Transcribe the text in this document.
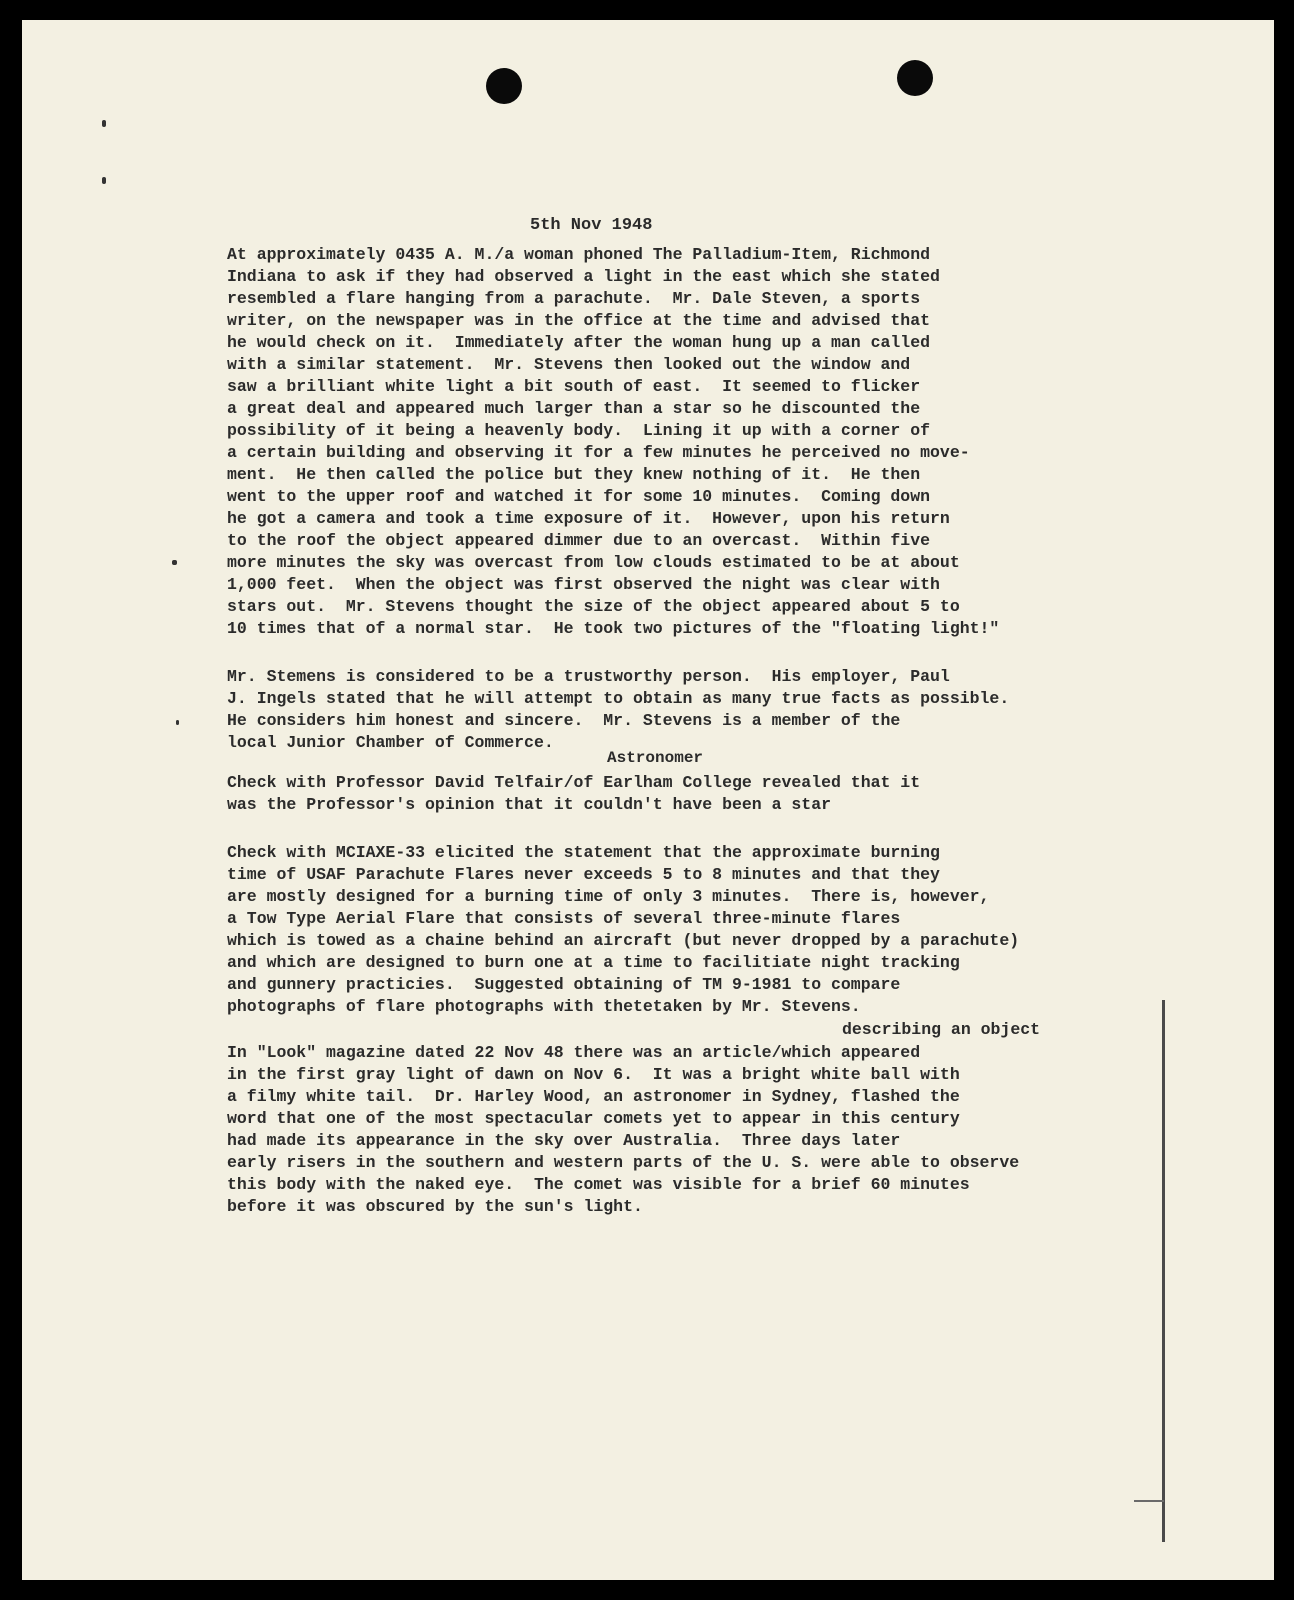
5th Nov 1948
At approximately 0435 A. M./a woman phoned The Palladium-Item, Richmond
Indiana to ask if they had observed a light in the east which she stated
resembled a flare hanging from a parachute.  Mr. Dale Steven, a sports
writer, on the newspaper was in the office at the time and advised that
he would check on it.  Immediately after the woman hung up a man called
with a similar statement.  Mr. Stevens then looked out the window and
saw a brilliant white light a bit south of east.  It seemed to flicker
a great deal and appeared much larger than a star so he discounted the
possibility of it being a heavenly body.  Lining it up with a corner of
a certain building and observing it for a few minutes he perceived no move-
ment.  He then called the police but they knew nothing of it.  He then
went to the upper roof and watched it for some 10 minutes.  Coming down
he got a camera and took a time exposure of it.  However, upon his return
to the roof the object appeared dimmer due to an overcast.  Within five
more minutes the sky was overcast from low clouds estimated to be at about
1,000 feet.  When the object was first observed the night was clear with
stars out.  Mr. Stevens thought the size of the object appeared about 5 to
10 times that of a normal star.  He took two pictures of the "floating light!"
Mr. Stemens is considered to be a trustworthy person.  His employer, Paul
J. Ingels stated that he will attempt to obtain as many true facts as possible.
He considers him honest and sincere.  Mr. Stevens is a member of the
local Junior Chamber of Commerce.
Astronomer
Check with Professor David Telfair/of Earlham College revealed that it
was the Professor's opinion that it couldn't have been a star
Check with MCIAXE-33 elicited the statement that the approximate burning
time of USAF Parachute Flares never exceeds 5 to 8 minutes and that they
are mostly designed for a burning time of only 3 minutes.  There is, however,
a Tow Type Aerial Flare that consists of several three-minute flares
which is towed as a chaine behind an aircraft (but never dropped by a parachute)
and which are designed to burn one at a time to facilitiate night tracking
and gunnery practicies.  Suggested obtaining of TM 9-1981 to compare
photographs of flare photographs with thetetaken by Mr. Stevens.
describing an object
In "Look" magazine dated 22 Nov 48 there was an article/which appeared
in the first gray light of dawn on Nov 6.  It was a bright white ball with
a filmy white tail.  Dr. Harley Wood, an astronomer in Sydney, flashed the
word that one of the most spectacular comets yet to appear in this century
had made its appearance in the sky over Australia.  Three days later
early risers in the southern and western parts of the U. S. were able to observe
this body with the naked eye.  The comet was visible for a brief 60 minutes
before it was obscured by the sun's light.
